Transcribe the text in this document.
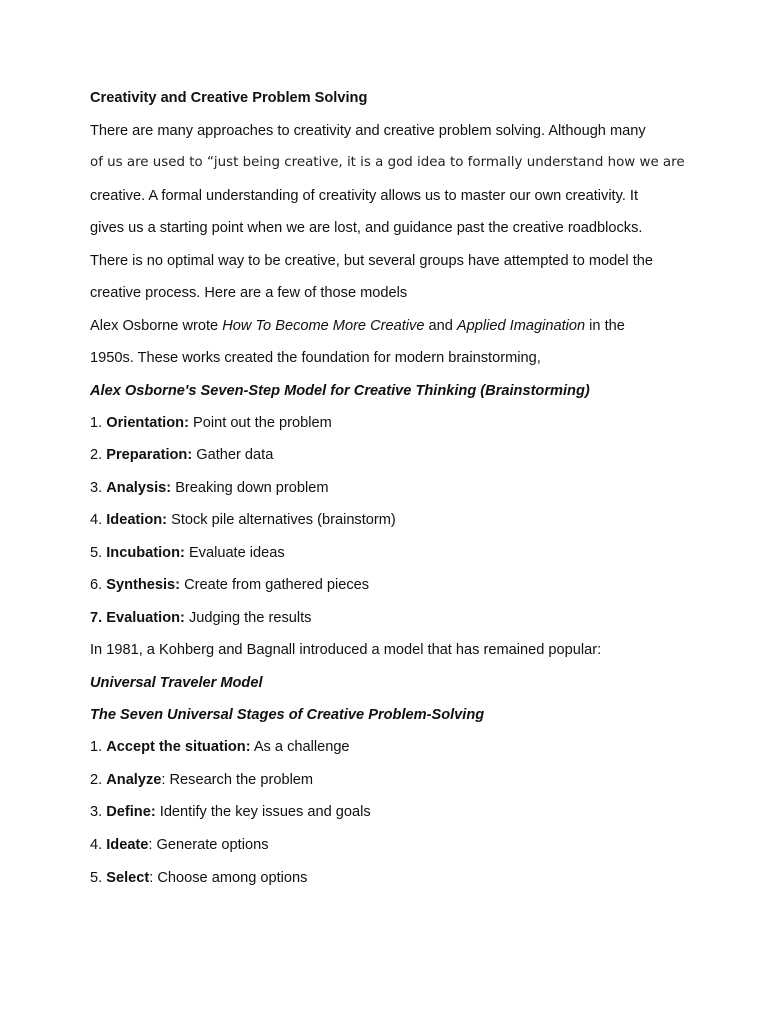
Creativity and Creative Problem Solving
There are many approaches to creativity and creative problem solving. Although many
of us are used to “just being creative, it is a god idea to formally understand how we are
creative. A formal understanding of creativity allows us to master our own creativity. It
gives us a starting point when we are lost, and guidance past the creative roadblocks.
There is no optimal way to be creative, but several groups have attempted to model the
creative process. Here are a few of those models
Alex Osborne wrote How To Become More Creative and Applied Imagination in the
1950s. These works created the foundation for modern brainstorming,
Alex Osborne's Seven-Step Model for Creative Thinking (Brainstorming)
1. Orientation: Point out the problem
2. Preparation: Gather data
3. Analysis: Breaking down problem
4. Ideation: Stock pile alternatives (brainstorm)
5. Incubation: Evaluate ideas
6. Synthesis: Create from gathered pieces
7. Evaluation: Judging the results
In 1981, a Kohberg and Bagnall introduced a model that has remained popular:
Universal Traveler Model
The Seven Universal Stages of Creative Problem-Solving
1. Accept the situation: As a challenge
2. Analyze: Research the problem
3. Define: Identify the key issues and goals
4. Ideate: Generate options
5. Select: Choose among options
